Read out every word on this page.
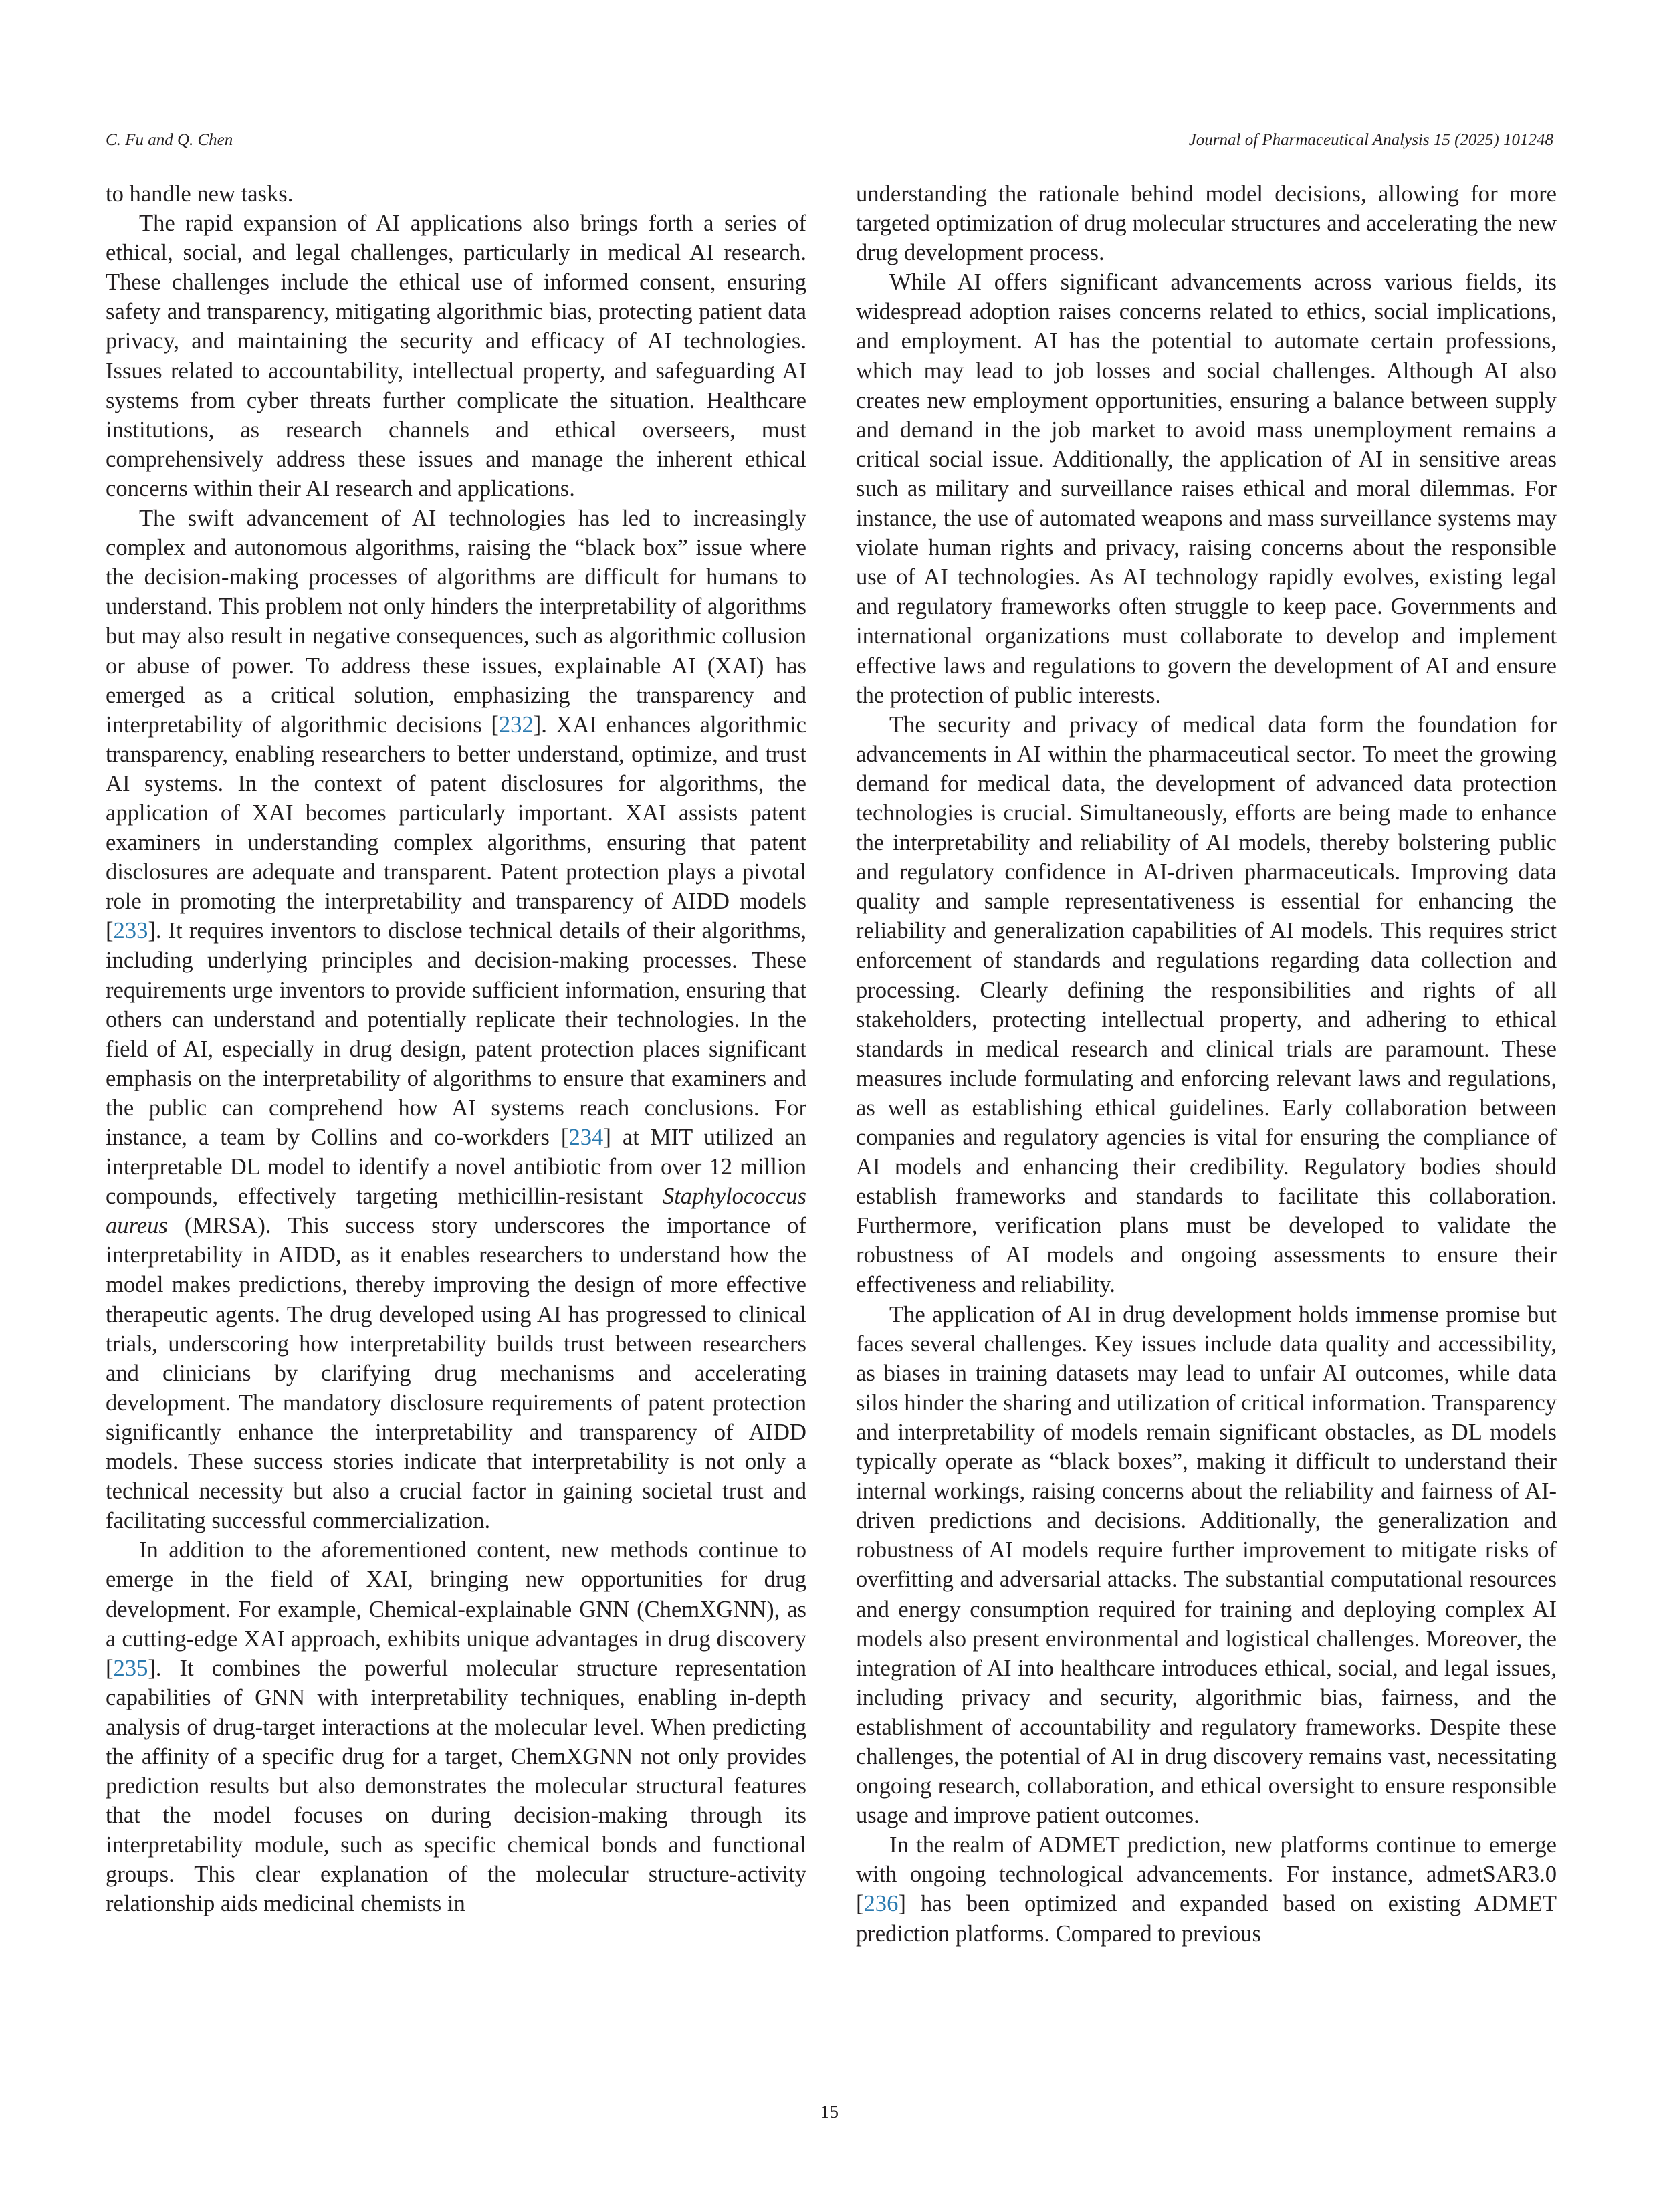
C. Fu and Q. Chen	Journal of Pharmaceutical Analysis 15 (2025) 101248

to handle new tasks.

The rapid expansion of AI applications also brings forth a series of ethical, social, and legal challenges, particularly in medical AI research. These challenges include the ethical use of informed consent, ensuring safety and transparency, mitigating algorithmic bias, protecting patient data privacy, and maintaining the security and efficacy of AI technologies. Issues related to accountability, intellectual property, and safeguarding AI systems from cyber threats further complicate the situation. Healthcare institutions, as research channels and ethical overseers, must comprehensively address these issues and manage the inherent ethical concerns within their AI research and applications.

The swift advancement of AI technologies has led to increasingly complex and autonomous algorithms, raising the “black box” issue where the decision-making processes of algorithms are difficult for humans to understand. This problem not only hinders the interpretability of algorithms but may also result in negative consequences, such as algorithmic collusion or abuse of power. To address these issues, explainable AI (XAI) has emerged as a critical solution, emphasizing the transparency and interpretability of algorithmic decisions [232]. XAI enhances algorithmic transparency, enabling researchers to better understand, optimize, and trust AI systems. In the context of patent disclosures for algorithms, the application of XAI becomes particularly important. XAI assists patent examiners in understanding complex algorithms, ensuring that patent disclosures are adequate and transparent. Patent protection plays a pivotal role in promoting the interpretability and transparency of AIDD models [233]. It requires inventors to disclose technical details of their algorithms, including underlying principles and decision-making processes. These requirements urge inventors to provide sufficient information, ensuring that others can understand and potentially replicate their technologies. In the field of AI, especially in drug design, patent protection places significant emphasis on the interpretability of algorithms to ensure that examiners and the public can comprehend how AI systems reach conclusions. For instance, a team by Collins and co-workders [234] at MIT utilized an interpretable DL model to identify a novel antibiotic from over 12 million compounds, effectively targeting methicillin-resistant Staphylococcus aureus (MRSA). This success story underscores the importance of interpretability in AIDD, as it enables researchers to understand how the model makes predictions, thereby improving the design of more effective therapeutic agents. The drug developed using AI has progressed to clinical trials, underscoring how interpretability builds trust between researchers and clinicians by clarifying drug mechanisms and accelerating development. The mandatory disclosure requirements of patent protection significantly enhance the interpretability and transparency of AIDD models. These success stories indicate that interpretability is not only a technical necessity but also a crucial factor in gaining societal trust and facilitating successful commercialization.

In addition to the aforementioned content, new methods continue to emerge in the field of XAI, bringing new opportunities for drug development. For example, Chemical-explainable GNN (ChemXGNN), as a cutting-edge XAI approach, exhibits unique advantages in drug discovery [235]. It combines the powerful molecular structure representation capabilities of GNN with interpretability techniques, enabling in-depth analysis of drug-target interactions at the molecular level. When predicting the affinity of a specific drug for a target, ChemXGNN not only provides prediction results but also demonstrates the molecular structural features that the model focuses on during decision-making through its interpretability module, such as specific chemical bonds and functional groups. This clear explanation of the molecular structure-activity relationship aids medicinal chemists in

understanding the rationale behind model decisions, allowing for more targeted optimization of drug molecular structures and accelerating the new drug development process.

While AI offers significant advancements across various fields, its widespread adoption raises concerns related to ethics, social implications, and employment. AI has the potential to automate certain professions, which may lead to job losses and social challenges. Although AI also creates new employment opportunities, ensuring a balance between supply and demand in the job market to avoid mass unemployment remains a critical social issue. Additionally, the application of AI in sensitive areas such as military and surveillance raises ethical and moral dilemmas. For instance, the use of automated weapons and mass surveillance systems may violate human rights and privacy, raising concerns about the responsible use of AI technologies. As AI technology rapidly evolves, existing legal and regulatory frameworks often struggle to keep pace. Governments and international organizations must collaborate to develop and implement effective laws and regulations to govern the development of AI and ensure the protection of public interests.

The security and privacy of medical data form the foundation for advancements in AI within the pharmaceutical sector. To meet the growing demand for medical data, the development of advanced data protection technologies is crucial. Simultaneously, efforts are being made to enhance the interpretability and reliability of AI models, thereby bolstering public and regulatory confidence in AI-driven pharmaceuticals. Improving data quality and sample representativeness is essential for enhancing the reliability and generalization capabilities of AI models. This requires strict enforcement of standards and regulations regarding data collection and processing. Clearly defining the responsibilities and rights of all stakeholders, protecting intellectual property, and adhering to ethical standards in medical research and clinical trials are paramount. These measures include formulating and enforcing relevant laws and regulations, as well as establishing ethical guidelines. Early collaboration between companies and regulatory agencies is vital for ensuring the compliance of AI models and enhancing their credibility. Regulatory bodies should establish frameworks and standards to facilitate this collaboration. Furthermore, verification plans must be developed to validate the robustness of AI models and ongoing assessments to ensure their effectiveness and reliability.

The application of AI in drug development holds immense promise but faces several challenges. Key issues include data quality and accessibility, as biases in training datasets may lead to unfair AI outcomes, while data silos hinder the sharing and utilization of critical information. Transparency and interpretability of models remain significant obstacles, as DL models typically operate as “black boxes”, making it difficult to understand their internal workings, raising concerns about the reliability and fairness of AI-driven predictions and decisions. Additionally, the generalization and robustness of AI models require further improvement to mitigate risks of overfitting and adversarial attacks. The substantial computational resources and energy consumption required for training and deploying complex AI models also present environmental and logistical challenges. Moreover, the integration of AI into healthcare introduces ethical, social, and legal issues, including privacy and security, algorithmic bias, fairness, and the establishment of accountability and regulatory frameworks. Despite these challenges, the potential of AI in drug discovery remains vast, necessitating ongoing research, collaboration, and ethical oversight to ensure responsible usage and improve patient outcomes.

In the realm of ADMET prediction, new platforms continue to emerge with ongoing technological advancements. For instance, admetSAR3.0 [236] has been optimized and expanded based on existing ADMET prediction platforms. Compared to previous

15
